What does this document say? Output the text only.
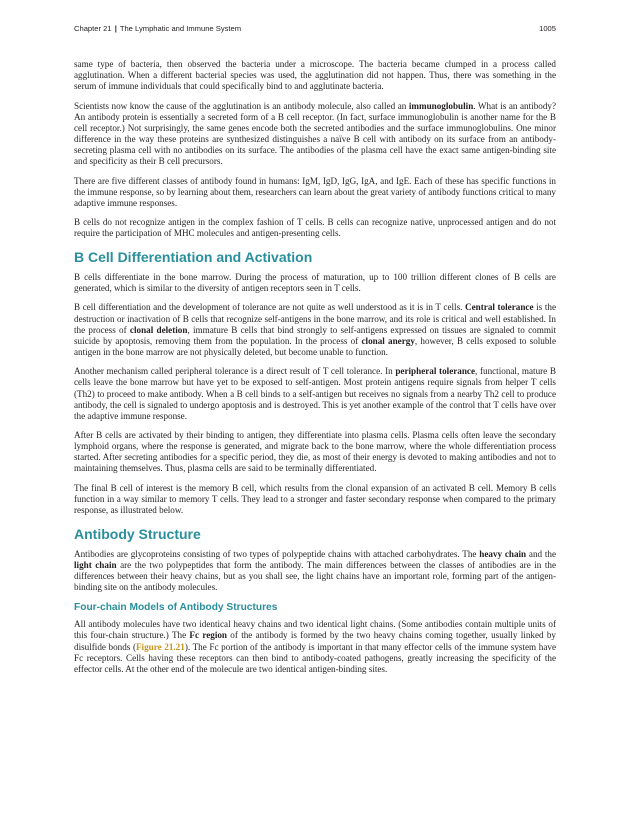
Chapter 21 | The Lymphatic and Immune System	1005

same type of bacteria, then observed the bacteria under a microscope. The bacteria became clumped in a process called agglutination. When a different bacterial species was used, the agglutination did not happen. Thus, there was something in the serum of immune individuals that could specifically bind to and agglutinate bacteria.

Scientists now know the cause of the agglutination is an antibody molecule, also called an immunoglobulin. What is an antibody? An antibody protein is essentially a secreted form of a B cell receptor. (In fact, surface immunoglobulin is another name for the B cell receptor.) Not surprisingly, the same genes encode both the secreted antibodies and the surface immunoglobulins. One minor difference in the way these proteins are synthesized distinguishes a naïve B cell with antibody on its surface from an antibody-secreting plasma cell with no antibodies on its surface. The antibodies of the plasma cell have the exact same antigen-binding site and specificity as their B cell precursors.

There are five different classes of antibody found in humans: IgM, IgD, IgG, IgA, and IgE. Each of these has specific functions in the immune response, so by learning about them, researchers can learn about the great variety of antibody functions critical to many adaptive immune responses.

B cells do not recognize antigen in the complex fashion of T cells. B cells can recognize native, unprocessed antigen and do not require the participation of MHC molecules and antigen-presenting cells.

B Cell Differentiation and Activation

B cells differentiate in the bone marrow. During the process of maturation, up to 100 trillion different clones of B cells are generated, which is similar to the diversity of antigen receptors seen in T cells.

B cell differentiation and the development of tolerance are not quite as well understood as it is in T cells. Central tolerance is the destruction or inactivation of B cells that recognize self-antigens in the bone marrow, and its role is critical and well established. In the process of clonal deletion, immature B cells that bind strongly to self-antigens expressed on tissues are signaled to commit suicide by apoptosis, removing them from the population. In the process of clonal anergy, however, B cells exposed to soluble antigen in the bone marrow are not physically deleted, but become unable to function.

Another mechanism called peripheral tolerance is a direct result of T cell tolerance. In peripheral tolerance, functional, mature B cells leave the bone marrow but have yet to be exposed to self-antigen. Most protein antigens require signals from helper T cells (Th2) to proceed to make antibody. When a B cell binds to a self-antigen but receives no signals from a nearby Th2 cell to produce antibody, the cell is signaled to undergo apoptosis and is destroyed. This is yet another example of the control that T cells have over the adaptive immune response.

After B cells are activated by their binding to antigen, they differentiate into plasma cells. Plasma cells often leave the secondary lymphoid organs, where the response is generated, and migrate back to the bone marrow, where the whole differentiation process started. After secreting antibodies for a specific period, they die, as most of their energy is devoted to making antibodies and not to maintaining themselves. Thus, plasma cells are said to be terminally differentiated.

The final B cell of interest is the memory B cell, which results from the clonal expansion of an activated B cell. Memory B cells function in a way similar to memory T cells. They lead to a stronger and faster secondary response when compared to the primary response, as illustrated below.

Antibody Structure

Antibodies are glycoproteins consisting of two types of polypeptide chains with attached carbohydrates. The heavy chain and the light chain are the two polypeptides that form the antibody. The main differences between the classes of antibodies are in the differences between their heavy chains, but as you shall see, the light chains have an important role, forming part of the antigen-binding site on the antibody molecules.

Four-chain Models of Antibody Structures

All antibody molecules have two identical heavy chains and two identical light chains. (Some antibodies contain multiple units of this four-chain structure.) The Fc region of the antibody is formed by the two heavy chains coming together, usually linked by disulfide bonds (Figure 21.21). The Fc portion of the antibody is important in that many effector cells of the immune system have Fc receptors. Cells having these receptors can then bind to antibody-coated pathogens, greatly increasing the specificity of the effector cells. At the other end of the molecule are two identical antigen-binding sites.
